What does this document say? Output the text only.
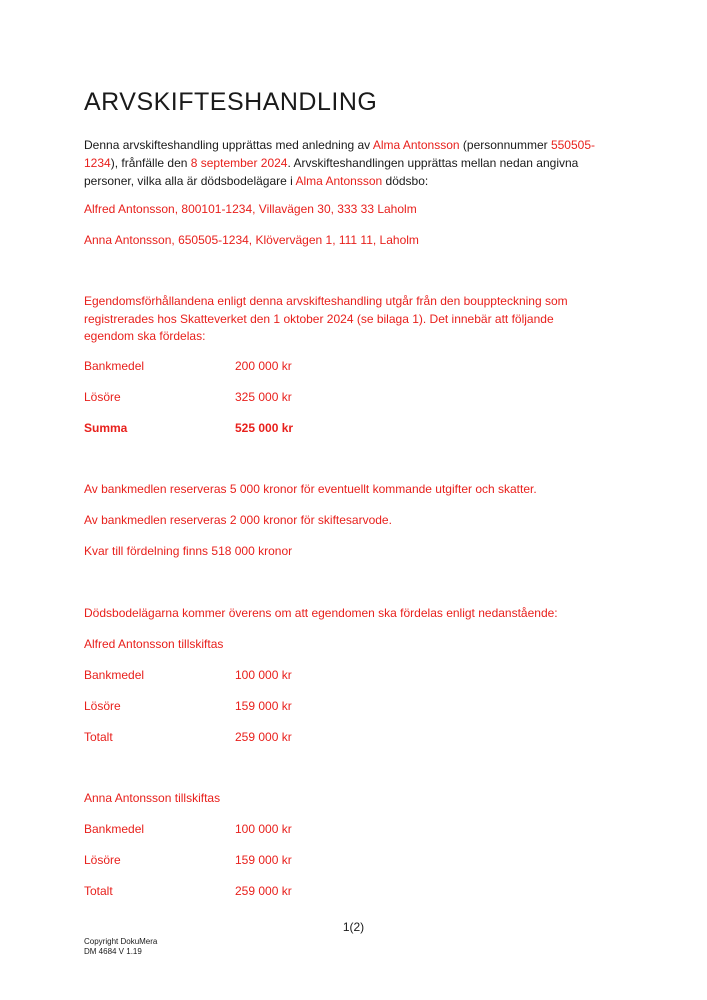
ARVSKIFTESHANDLING

Denna arvskifteshandling upprättas med anledning av Alma Antonsson (personnummer 550505-1234), frånfälle den 8 september 2024. Arvskifteshandlingen upprättas mellan nedan angivna personer, vilka alla är dödsbodelägare i Alma Antonsson dödsbo:

Alfred Antonsson, 800101-1234, Villavägen 30, 333 33 Laholm
Anna Antonsson, 650505-1234, Klövervägen 1, 111 11, Laholm
Egendomsförhållandena enligt denna arvskifteshandling utgår från den bouppteckning som
registrerades hos Skatteverket den 1 oktober 2024 (se bilaga 1). Det innebär att följande
egendom ska fördelas:
Bankmedel	200 000 kr
Lösöre	325 000 kr
Summa	525 000 kr
Av bankmedlen reserveras 5 000 kronor för eventuellt kommande utgifter och skatter.
Av bankmedlen reserveras 2 000 kronor för skiftesarvode.
Kvar till fördelning finns 518 000 kronor
Dödsbodelägarna kommer överens om att egendomen ska fördelas enligt nedanstående:
Alfred Antonsson tillskiftas
Bankmedel	100 000 kr
Lösöre	159 000 kr
Totalt	259 000 kr
Anna Antonsson tillskiftas
Bankmedel	100 000 kr
Lösöre	159 000 kr
Totalt	259 000 kr
1(2)
Copyright DokuMera
DM 4684 V 1.19
